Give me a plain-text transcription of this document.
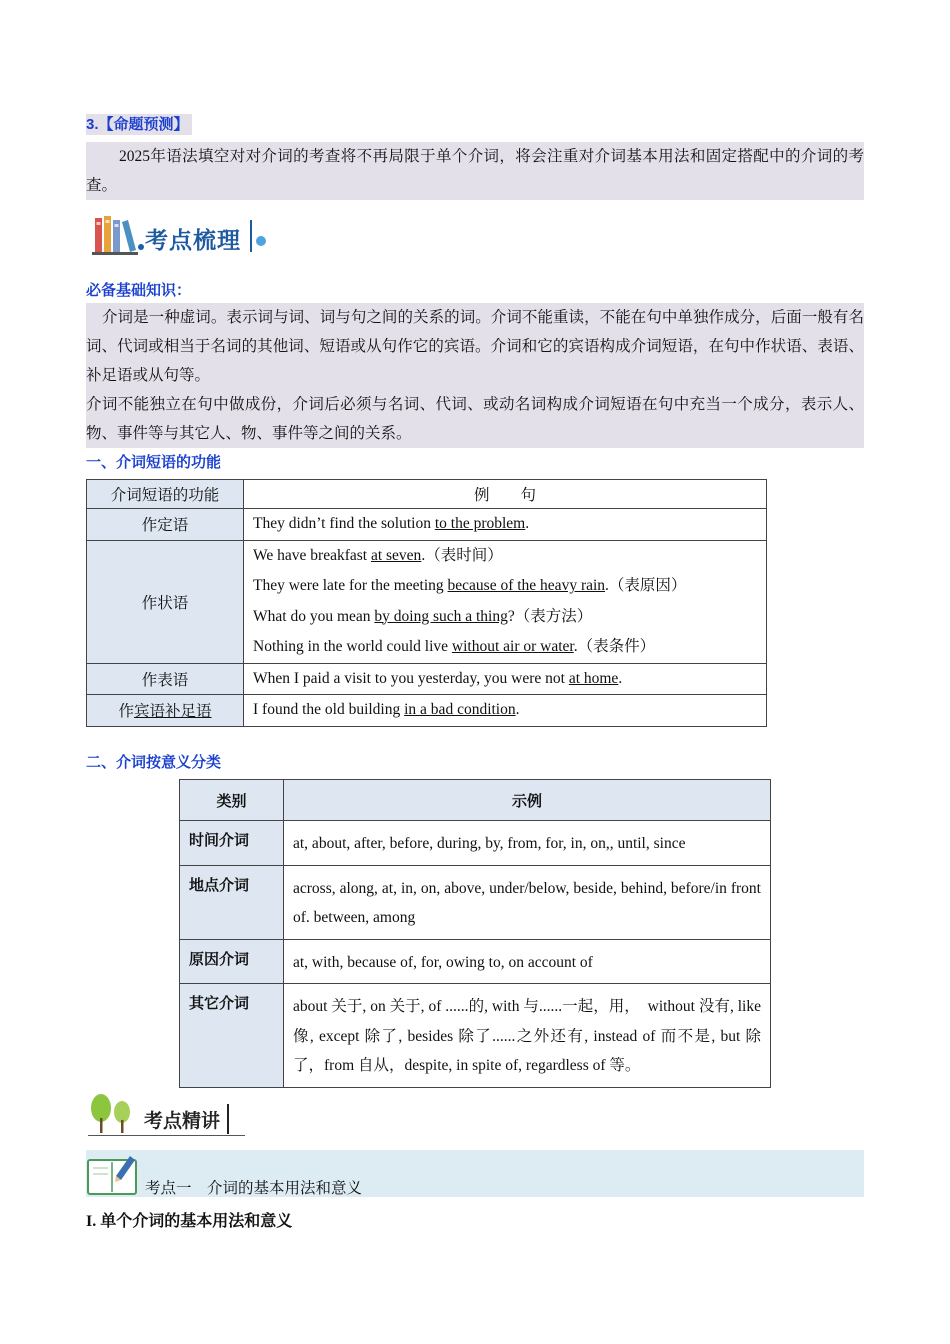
3.【命题预测】
2025年语法填空对对介词的考查将不再局限于单个介词，将会注重对介词基本用法和固定搭配中的介词的考查。
考点梳理
必备基础知识：
介词是一种虚词。表示词与词、词与句之间的关系的词。介词不能重读，不能在句中单独作成分，后面一般有名词、代词或相当于名词的其他词、短语或从句作它的宾语。介词和它的宾语构成介词短语，在句中作状语、表语、补足语或从句等。
介词不能独立在句中做成份，介词后必须与名词、代词、或动名词构成介词短语在句中充当一个成分，表示人、物、事件等与其它人、物、事件等之间的关系。
一、介词短语的功能
介词短语的功能	例　　句
作定语	They didn’t find the solution to the problem.
作状语	We have breakfast at seven.（表时间）
They were late for the meeting because of the heavy rain.（表原因）
What do you mean by doing such a thing?（表方法）
Nothing in the world could live without air or water.（表条件）

作表语	When I paid a visit to you yesterday, you were not at home.
作宾语补足语	I found the old building in a bad condition.
二、介词按意义分类
类别	示例
时间介词	at, about, after, before, during, by, from, for, in, on,, until, since
地点介词	across, along, at, in, on, above, under/below, beside, behind, before/in front of. between, among
原因介词	at, with, because of, for, owing to, on account of
其它介词	about 关于, on 关于, of ......的, with 与......一起，用，　without 没有, like 像, except 除了, besides 除了......之外还有, instead of 而不是, but 除了，from 自从，despite, in spite of, regardless of 等。
考点精讲
考点一　介词的基本用法和意义
I. 单个介词的基本用法和意义
